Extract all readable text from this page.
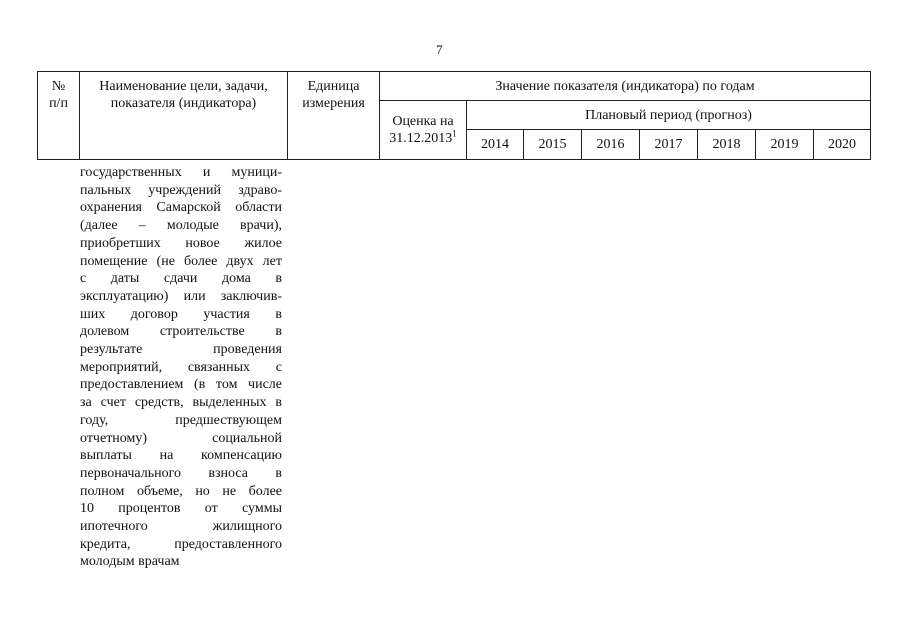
7
№
п/п	Наименование цели, задачи, показателя (индикатора)	Единица измерения	Значение показателя (индикатора) по годам							
			Оценка на 31.12.2013$^1$	Плановый период (прогноз)						
				2014	2015	2016	2017	2018	2019	2020
государственных и муници-
пальных учреждений здраво-
охранения Самарской области
(далее – молодые врачи),
приобретших новое жилое
помещение (не более двух лет
с даты сдачи дома в
эксплуатацию) или заключив-
ших договор участия в
долевом строительстве в
результате проведения
мероприятий, связанных с
предоставлением (в том числе
за счет средств, выделенных в
году, предшествующем
отчетному) социальной
выплаты на компенсацию
первоначального взноса в
полном объеме, но не более
10 процентов от суммы
ипотечного жилищного
кредита, предоставленного
молодым врачам
